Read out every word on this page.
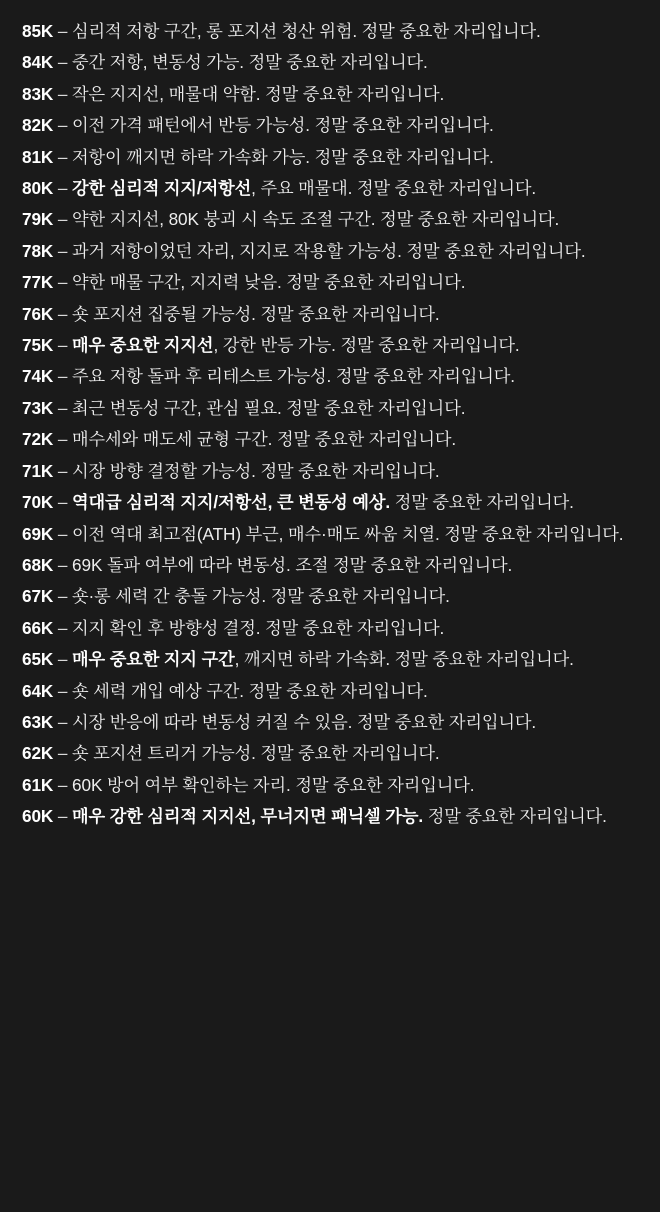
85K – 심리적 저항 구간, 롱 포지션 청산 위험. 정말 중요한 자리입니다.

84K – 중간 저항, 변동성 가능. 정말 중요한 자리입니다.

83K – 작은 지지선, 매물대 약함. 정말 중요한 자리입니다.

82K – 이전 가격 패턴에서 반등 가능성. 정말 중요한 자리입니다.

81K – 저항이 깨지면 하락 가속화 가능. 정말 중요한 자리입니다.

80K – 강한 심리적 지지/저항선, 주요 매물대. 정말 중요한 자리입니다.

79K – 약한 지지선, 80K 붕괴 시 속도 조절 구간. 정말 중요한 자리입니다.

78K – 과거 저항이었던 자리, 지지로 작용할 가능성. 정말 중요한 자리입니다.

77K – 약한 매물 구간, 지지력 낮음. 정말 중요한 자리입니다.

76K – 숏 포지션 집중될 가능성. 정말 중요한 자리입니다.

75K – 매우 중요한 지지선, 강한 반등 가능. 정말 중요한 자리입니다.

74K – 주요 저항 돌파 후 리테스트 가능성. 정말 중요한 자리입니다.

73K – 최근 변동성 구간, 관심 필요. 정말 중요한 자리입니다.

72K – 매수세와 매도세 균형 구간. 정말 중요한 자리입니다.

71K – 시장 방향 결정할 가능성. 정말 중요한 자리입니다.

70K – 역대급 심리적 지지/저항선, 큰 변동성 예상. 정말 중요한 자리입니다.

69K – 이전 역대 최고점(ATH) 부근, 매수·매도 싸움 치열. 정말 중요한 자리입니다.

68K – 69K 돌파 여부에 따라 변동성. 조절 정말 중요한 자리입니다.

67K – 숏·롱 세력 간 충돌 가능성. 정말 중요한 자리입니다.

66K – 지지 확인 후 방향성 결정. 정말 중요한 자리입니다.

65K – 매우 중요한 지지 구간, 깨지면 하락 가속화. 정말 중요한 자리입니다.

64K – 숏 세력 개입 예상 구간. 정말 중요한 자리입니다.

63K – 시장 반응에 따라 변동성 커질 수 있음. 정말 중요한 자리입니다.

62K – 숏 포지션 트리거 가능성. 정말 중요한 자리입니다.

61K – 60K 방어 여부 확인하는 자리. 정말 중요한 자리입니다.

60K – 매우 강한 심리적 지지선, 무너지면 패닉셀 가능. 정말 중요한 자리입니다.
